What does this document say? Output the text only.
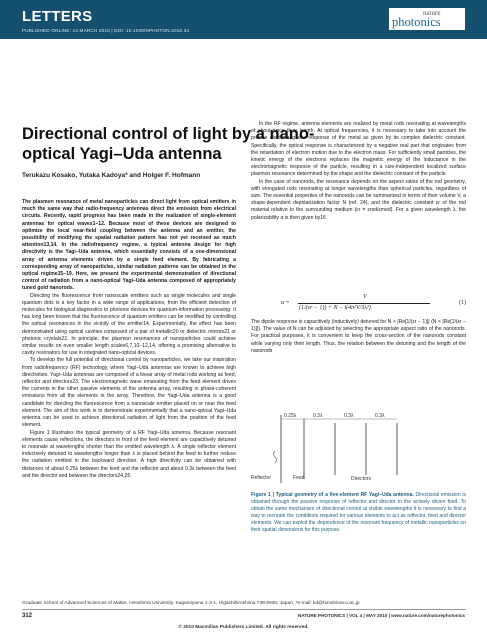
LETTERS
PUBLISHED ONLINE: 14 MARCH 2010 | DOI: 10.1038/NPHOTON.2010.34
nature
photonics
Directional control of light by a nano-optical Yagi–Uda antenna
Terukazu Kosako, Yutaka Kadoya* and Holger F. Hofmann

The plasmon resonance of metal nanoparticles can direct light from optical emitters in much the same way that radio-frequency antennas direct the emission from electrical circuits. Recently, rapid progress has been made in the realization of single-element antennas for optical waves1–12. Because most of these devices are designed to optimize the local near-field coupling between the antenna and an emitter, the possibility of modifying the spatial radiation pattern has not yet received as much attention13,14. In the radiofrequency regime, a typical antenna design for high directivity is the Yagi–Uda antenna, which essentially consists of a one-dimensional array of antenna elements driven by a single feed element. By fabricating a corresponding array of nanoparticles, similar radiation patterns can be obtained in the optical regime15–19. Here, we present the experimental demonstration of directional control of radiation from a nano-optical Yagi–Uda antenna composed of appropriately tuned gold nanorods.

Directing the fluorescence from nanoscale emitters such as single molecules and single quantum dots is a key factor in a wide range of applications, from the efficient detection of molecules for biological diagnostics to photonic devices for quantum-information processing. It has long been known that the fluorescence of quantum emitters can be modified by controlling the optical resonances in the vicinity of the emitter14. Experimentally, the effect has been demonstrated using optical cavities composed of a pair of metallic20 or dielectric mirrors21 or photonic crystals22. In principle, the plasmon resonances of nanoparticles could achieve similar results on even smaller length scales6,7,10–12,14, offering a promising alternative to cavity resonators for use in integrated nano-optical devices.

To develop the full potential of directional control by nanoparticles, we take our inspiration from radiofrequency (RF) technology, where Yagi–Uda antennas are known to achieve high directivities. Yagi–Uda antennas are composed of a linear array of metal rods working as feed, reflector and directors23. The electromagnetic wave emanating from the feed element drives the currents in the other passive elements of the antenna array, resulting in phase-coherent emissions from all the elements in the array. Therefore, the Yagi–Uda antenna is a good candidate for directing the fluorescence from a nanoscale emitter placed on or near the feed element. The aim of this work is to demonstrate experimentally that a nano-optical Yagi–Uda antenna can be used to achieve directional radiation of light from the position of the feed element.

Figure 1 illustrates the typical geometry of a RF Yagi–Uda antenna. Because resonant elements cause reflections, the directors in front of the feed element are capacitively detuned to resonate at wavelengths shorter than the emitted wavelength λ. A single reflector element inductively detuned to wavelengths longer than λ is placed behind the feed to further reduce the radiation emitted in the backward direction. A high directivity can be obtained with distances of about 0.25λ between the feed and the reflector and about 0.3λ between the feed and the director and between the directors24,25.

In the RF regime, antenna elements are realized by metal rods resonating at wavelengths of about twice their length. At optical frequencies, it is necessary to take into account the precise electromagnetic response of the metal as given by its complex dielectric constant. Specifically, the optical response is characterized by a negative real part that originates from the retardation of electron motion due to the electron mass. For sufficiently small particles, the kinetic energy of the electrons replaces the magnetic energy of the inductance in the electromagnetic response of the particle, resulting in a size-independent localized surface plasmon resonance determined by the shape and the dielectric constant of the particle.

In the case of nanorods, the resonance depends on the aspect ratios of the rod geometry, with elongated rods resonating at longer wavelengths than spherical particles, regardless of size. The essential properties of the nanorods can be summarized in terms of their volume V, a shape-dependent depolarization factor N (ref. 24), and the dielectric constant εr of the rod material relative to the surrounding medium (εr = εrod/εmed). For a given wavelength λ, the polarizability α is then given by16

α =
V
(1/(εr − 1)) + N − i(4π²V/3λ³)
(1)

The dipole response is capacitively (inductively) detuned for N > |Re[1/(εr − 1)]| (N < |Re[1/(εr − 1)]|). The value of N can be adjusted by selecting the appropriate aspect ratio of the nanorods. For practical purposes, it is convenient to keep the cross-section of the nanorods constant while varying only their length. Thus, the relation between the detuning and the length of the nanorods

0.25λ	0.3λ	0.3λ	0.3λ
Reflector	Feed	Directors
Figure 1 | Typical geometry of a five-element RF Yagi–Uda antenna. Directional emission is obtained through the passive response of reflector and director to the actively driven feed. To obtain the same mechanism of directional control at visible wavelengths it is necessary to find a way to recreate the conditions required for various elements to act as reflector, feed and director elements. We can exploit the dependence of the resonant frequency of metallic nanoparticles on their spatial dimensions for this purpose.
Graduate School of Advanced Sciences of Matter, Hiroshima University, Kagamiyama 1-3-1, Higashihiroshima 739-8530, Japan. *e-mail: kd@hiroshima-u.ac.jp
312	NATURE PHOTONICS | VOL 4 | MAY 2010 | www.nature.com/naturephotonics
© 2010 Macmillan Publishers Limited. All rights reserved.
